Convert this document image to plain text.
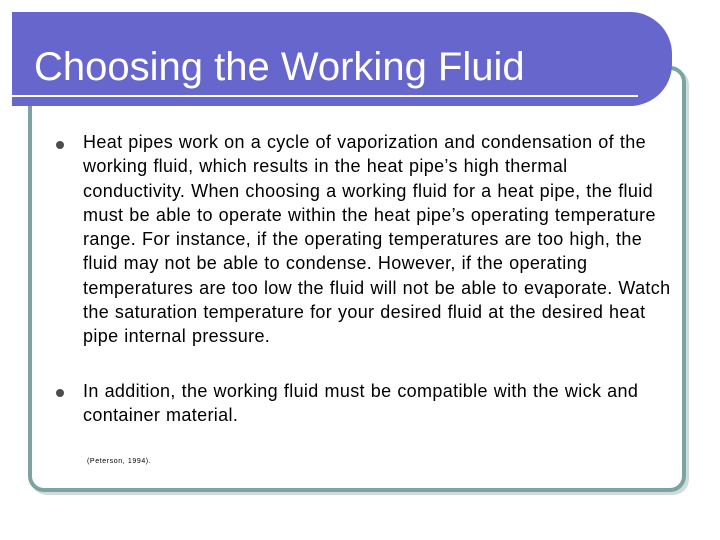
Choosing the Working Fluid

Heat pipes work on a cycle of vaporization and condensation of the working fluid, which results in the heat pipe’s high thermal conductivity. When choosing a working fluid for a heat pipe, the fluid must be able to operate within the heat pipe’s operating temperature range. For instance, if the operating temperatures are too high, the fluid may not be able to condense. However, if the operating temperatures are too low the fluid will not be able to evaporate. Watch the saturation temperature for your desired fluid at the desired heat pipe internal pressure.

In addition, the working fluid must be compatible with the wick and container material.

(Peterson, 1994).
